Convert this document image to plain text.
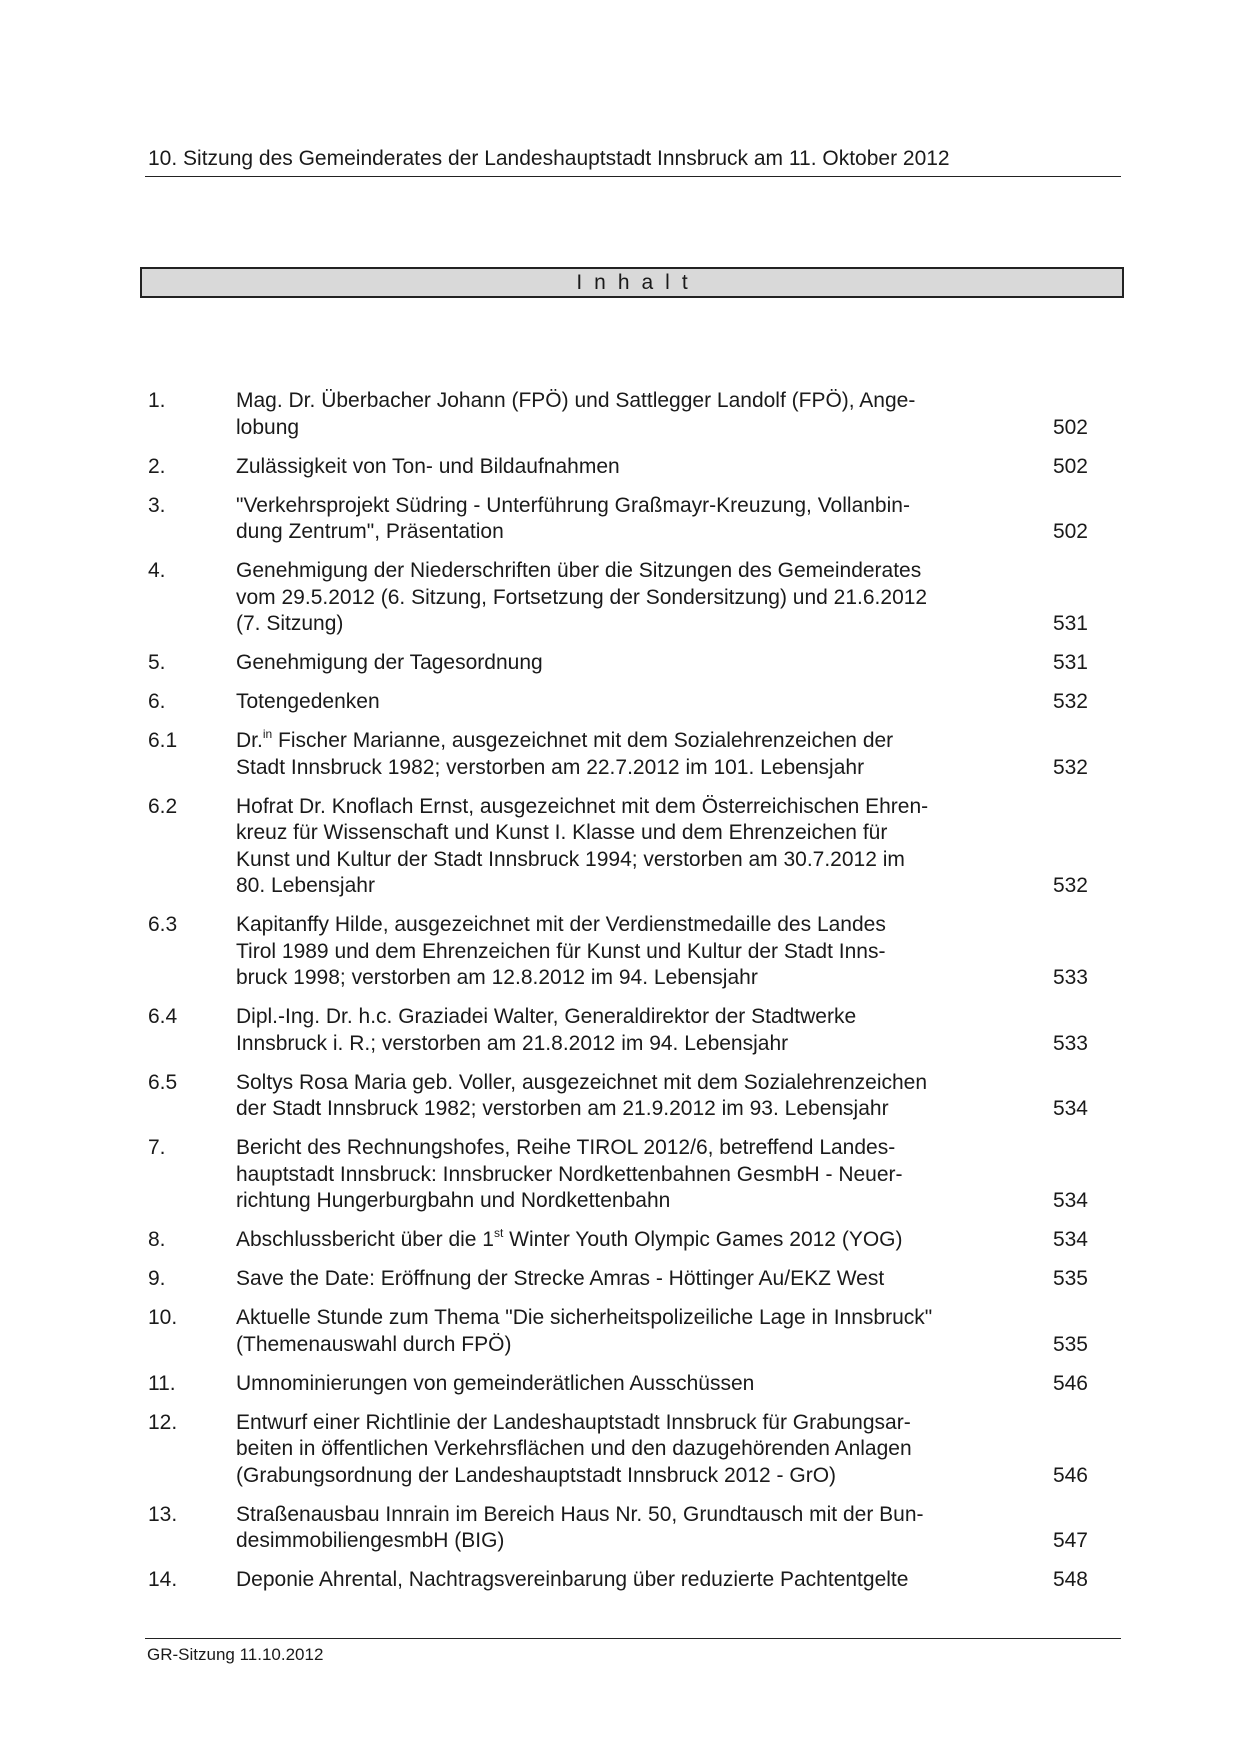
10. Sitzung des Gemeinderates der Landeshauptstadt Innsbruck am 11. Oktober 2012
Inhalt
1.	Mag. Dr. Überbacher Johann (FPÖ) und Sattlegger Landolf (FPÖ), Ange-
lobung	502
2.	Zulässigkeit von Ton- und Bildaufnahmen	502
3.	"Verkehrsprojekt Südring - Unterführung Graßmayr-Kreuzung, Vollanbin-
dung Zentrum", Präsentation	502
4.	Genehmigung der Niederschriften über die Sitzungen des Gemeinderates
vom 29.5.2012 (6. Sitzung, Fortsetzung der Sondersitzung) und 21.6.2012
(7. Sitzung)	531
5.	Genehmigung der Tagesordnung	531
6.	Totengedenken	532
6.1	Dr.$^{in}$ Fischer Marianne, ausgezeichnet mit dem Sozialehrenzeichen der
Stadt Innsbruck 1982; verstorben am 22.7.2012 im 101. Lebensjahr	532
6.2	Hofrat Dr. Knoflach Ernst, ausgezeichnet mit dem Österreichischen Ehren-
kreuz für Wissenschaft und Kunst I. Klasse und dem Ehrenzeichen für
Kunst und Kultur der Stadt Innsbruck 1994; verstorben am 30.7.2012 im
80. Lebensjahr	532
6.3	Kapitanffy Hilde, ausgezeichnet mit der Verdienstmedaille des Landes
Tirol 1989 und dem Ehrenzeichen für Kunst und Kultur der Stadt Inns-
bruck 1998; verstorben am 12.8.2012 im 94. Lebensjahr	533
6.4	Dipl.-Ing. Dr. h.c. Graziadei Walter, Generaldirektor der Stadtwerke
Innsbruck i. R.; verstorben am 21.8.2012 im 94. Lebensjahr	533
6.5	Soltys Rosa Maria geb. Voller, ausgezeichnet mit dem Sozialehrenzeichen
der Stadt Innsbruck 1982; verstorben am 21.9.2012 im 93. Lebensjahr	534
7.	Bericht des Rechnungshofes, Reihe TIROL 2012/6, betreffend Landes-
hauptstadt Innsbruck: Innsbrucker Nordkettenbahnen GesmbH - Neuer-
richtung Hungerburgbahn und Nordkettenbahn	534
8.	Abschlussbericht über die 1st Winter Youth Olympic Games 2012 (YOG)	534
9.	Save the Date: Eröffnung der Strecke Amras - Höttinger Au/EKZ West	535
10.	Aktuelle Stunde zum Thema "Die sicherheitspolizeiliche Lage in Innsbruck"
(Themenauswahl durch FPÖ)	535
11.	Umnominierungen von gemeinderätlichen Ausschüssen	546
12.	Entwurf einer Richtlinie der Landeshauptstadt Innsbruck für Grabungsar-
beiten in öffentlichen Verkehrsflächen und den dazugehörenden Anlagen
(Grabungsordnung der Landeshauptstadt Innsbruck 2012 - GrO)	546
13.	Straßenausbau Innrain im Bereich Haus Nr. 50, Grundtausch mit der Bun-
desimmobiliengesmbH (BIG)	547
14.	Deponie Ahrental, Nachtragsvereinbarung über reduzierte Pachtentgelte	548
GR-Sitzung 11.10.2012
